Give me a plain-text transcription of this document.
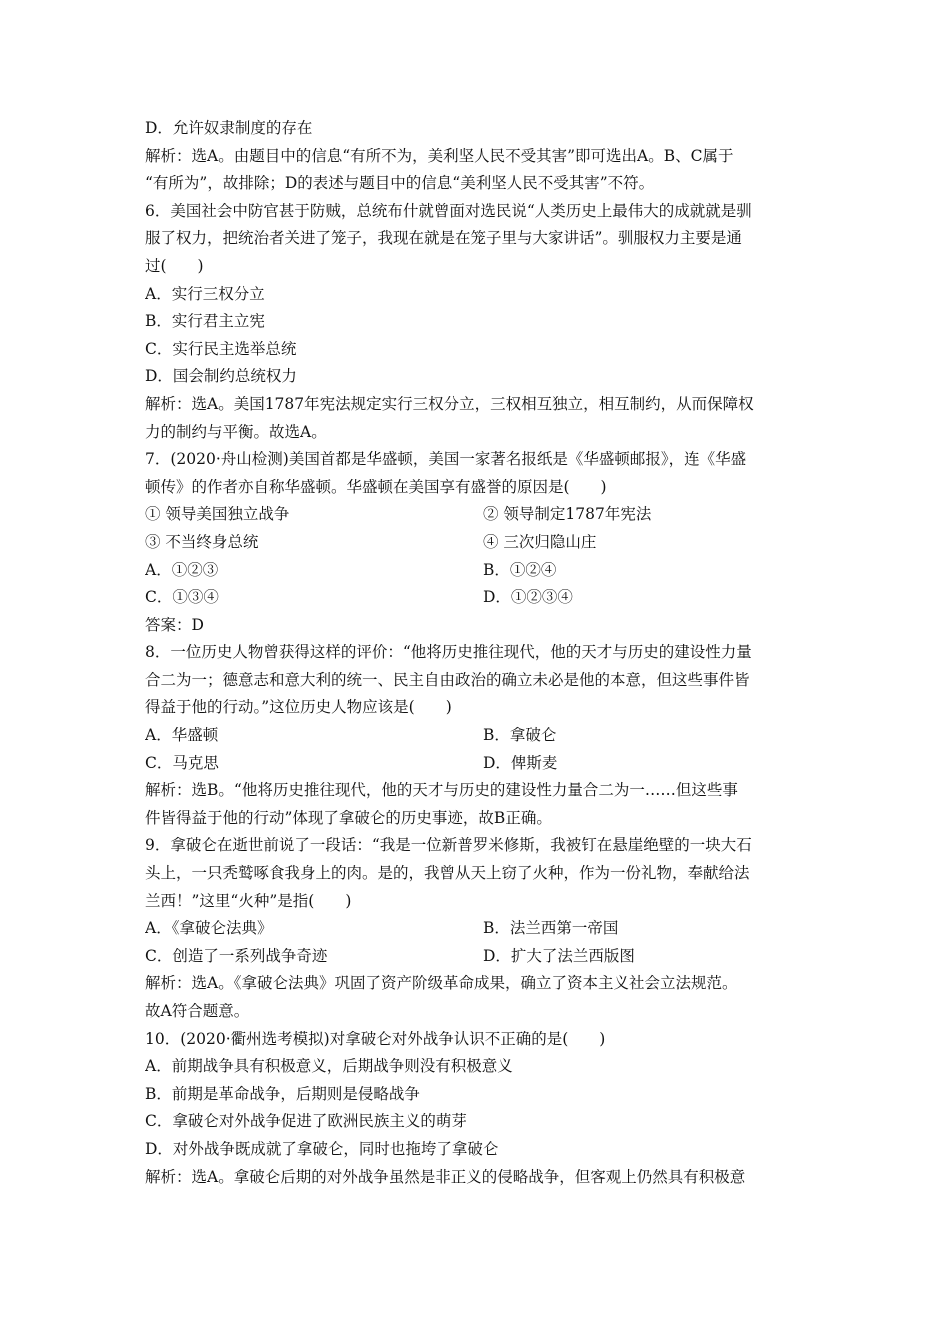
D．允许奴隶制度的存在
解析：选A。由题目中的信息“有所不为，美利坚人民不受其害”即可选出A。B、C属于
“有所为”，故排除；D的表述与题目中的信息“美利坚人民不受其害”不符。
6．美国社会中防官甚于防贼，总统布什就曾面对选民说“人类历史上最伟大的成就就是驯
服了权力，把统治者关进了笼子，我现在就是在笼子里与大家讲话”。驯服权力主要是通
过(　　)
A．实行三权分立
B．实行君主立宪
C．实行民主选举总统
D．国会制约总统权力
解析：选A。美国1787年宪法规定实行三权分立，三权相互独立，相互制约，从而保障权
力的制约与平衡。故选A。
7．(2020·舟山检测)美国首都是华盛顿，美国一家著名报纸是《华盛顿邮报》，连《华盛
顿传》的作者亦自称华盛顿。华盛顿在美国享有盛誉的原因是(　　)
① 领导美国独立战争	② 领导制定1787年宪法
③ 不当终身总统	④ 三次归隐山庄
A．①②③	B．①②④
C．①③④	D．①②③④
答案：D
8．一位历史人物曾获得这样的评价：“他将历史推往现代，他的天才与历史的建设性力量
合二为一；德意志和意大利的统一、民主自由政治的确立未必是他的本意，但这些事件皆
得益于他的行动。”这位历史人物应该是(　　)
A．华盛顿	B．拿破仑
C．马克思	D．俾斯麦
解析：选B。“他将历史推往现代，他的天才与历史的建设性力量合二为一……但这些事
件皆得益于他的行动”体现了拿破仑的历史事迹，故B正确。
9．拿破仑在逝世前说了一段话：“我是一位新普罗米修斯，我被钉在悬崖绝壁的一块大石
头上，一只秃鹫啄食我身上的肉。是的，我曾从天上窃了火种，作为一份礼物，奉献给法
兰西！”这里“火种”是指(　　)
A．《拿破仑法典》	B．法兰西第一帝国
C．创造了一系列战争奇迹	D．扩大了法兰西版图
解析：选A。《拿破仑法典》巩固了资产阶级革命成果，确立了资本主义社会立法规范。
故A符合题意。
10．(2020·衢州选考模拟)对拿破仑对外战争认识不正确的是(　　)
A．前期战争具有积极意义，后期战争则没有积极意义
B．前期是革命战争，后期则是侵略战争
C．拿破仑对外战争促进了欧洲民族主义的萌芽
D．对外战争既成就了拿破仑，同时也拖垮了拿破仑
解析：选A。拿破仑后期的对外战争虽然是非正义的侵略战争，但客观上仍然具有积极意
